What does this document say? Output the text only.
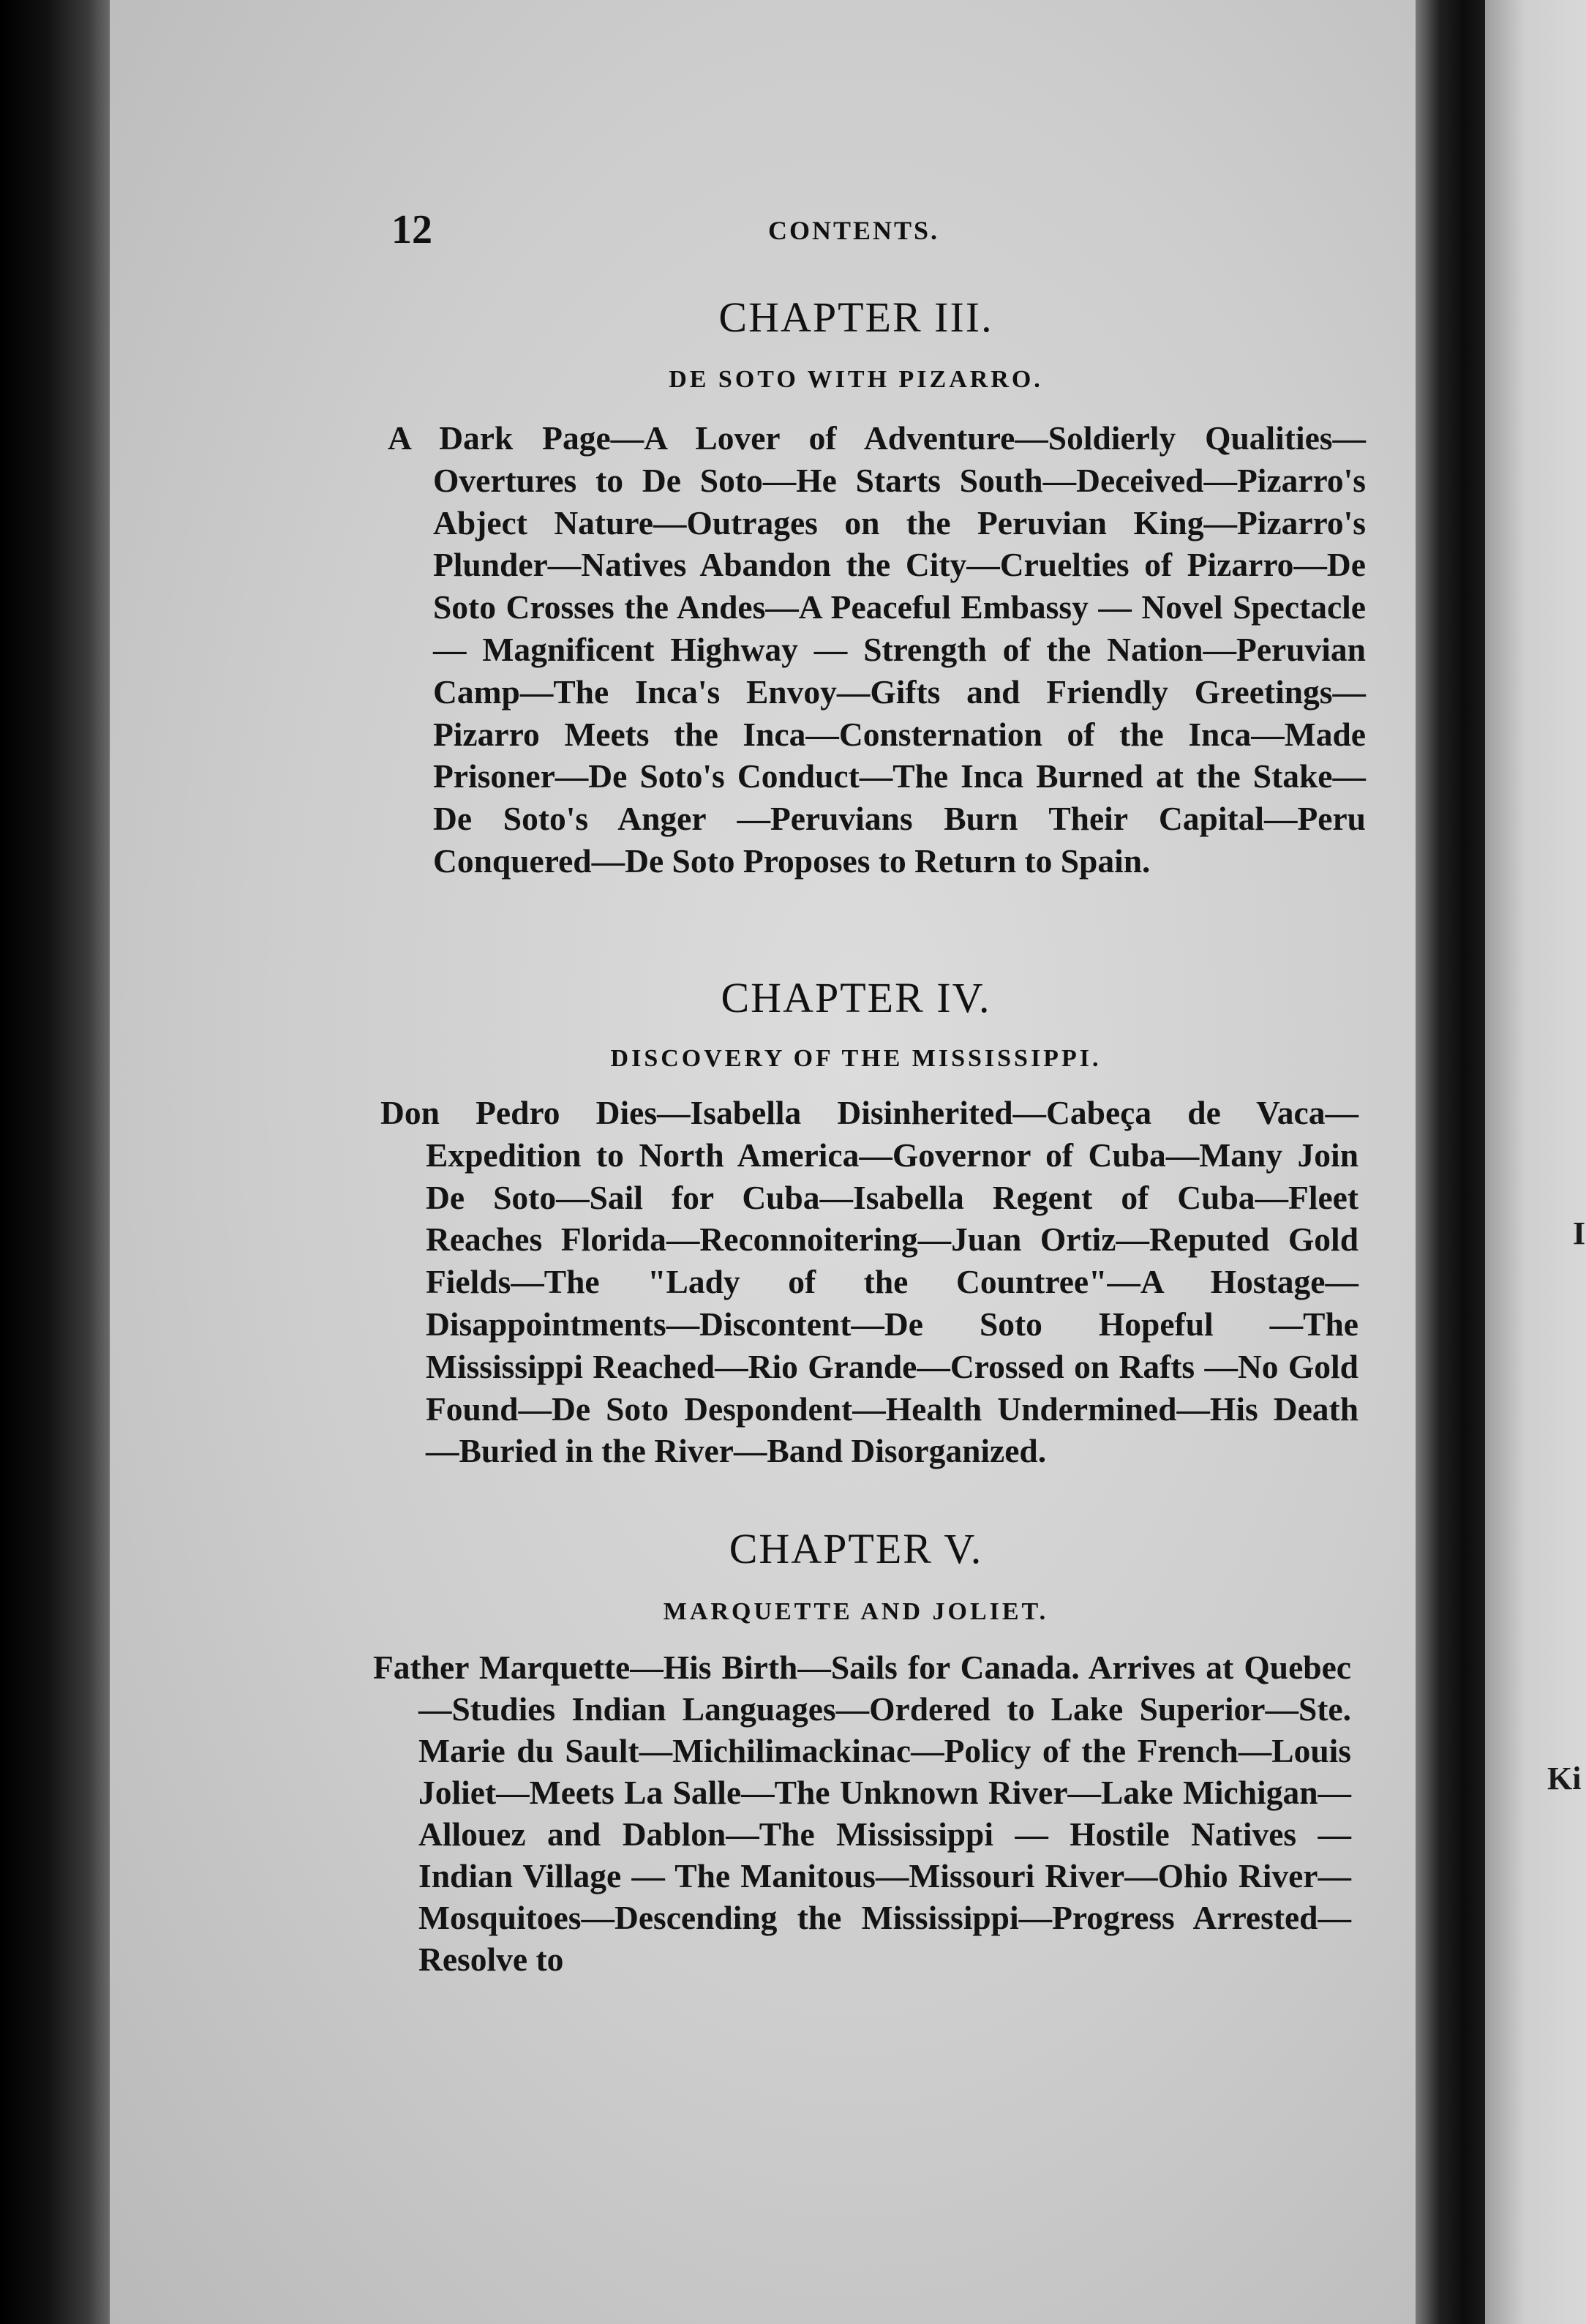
12	CONTENTS.
CHAPTER III.
DE SOTO WITH PIZARRO.
A Dark Page—A Lover of Adventure—Soldierly Qualities—Overtures to De Soto—He Starts South—Deceived—Pizarro's Abject Nature—Outrages on the Peruvian King—Pizarro's Plunder—Natives Abandon the City—Cruelties of Pizarro—De Soto Crosses the Andes—A Peaceful Embassy — Novel Spectacle — Magnificent Highway — Strength of the Nation—Peruvian Camp—The Inca's Envoy—Gifts and Friendly Greetings—Pizarro Meets the Inca—Consternation of the Inca—Made Prisoner—De Soto's Conduct—The Inca Burned at the Stake—De Soto's Anger —Peruvians Burn Their Capital—Peru Conquered—De Soto Proposes to Return to Spain.
CHAPTER IV.
DISCOVERY OF THE MISSISSIPPI.
Don Pedro Dies—Isabella Disinherited—Cabeça de Vaca—Expedition to North America—Governor of Cuba—Many Join De Soto—Sail for Cuba—Isabella Regent of Cuba—Fleet Reaches Florida—Reconnoitering—Juan Ortiz—Reputed Gold Fields—The "Lady of the Countree"—A Hostage—Disappointments—Discontent—De Soto Hopeful —The Mississippi Reached—Rio Grande—Crossed on Rafts —No Gold Found—De Soto Despondent—Health Undermined—His Death—Buried in the River—Band Disorganized.
CHAPTER V.
MARQUETTE AND JOLIET.
Father Marquette—His Birth—Sails for Canada. Arrives at Quebec—Studies Indian Languages—Ordered to Lake Superior—Ste. Marie du Sault—Michilimackinac—Policy of the French—Louis Joliet—Meets La Salle—The Unknown River—Lake Michigan—Allouez and Dablon—The Mississippi — Hostile Natives — Indian Village — The Manitous—Missouri River—Ohio River—Mosquitoes—Descending the Mississippi—Progress Arrested—Resolve to
I
Ki
